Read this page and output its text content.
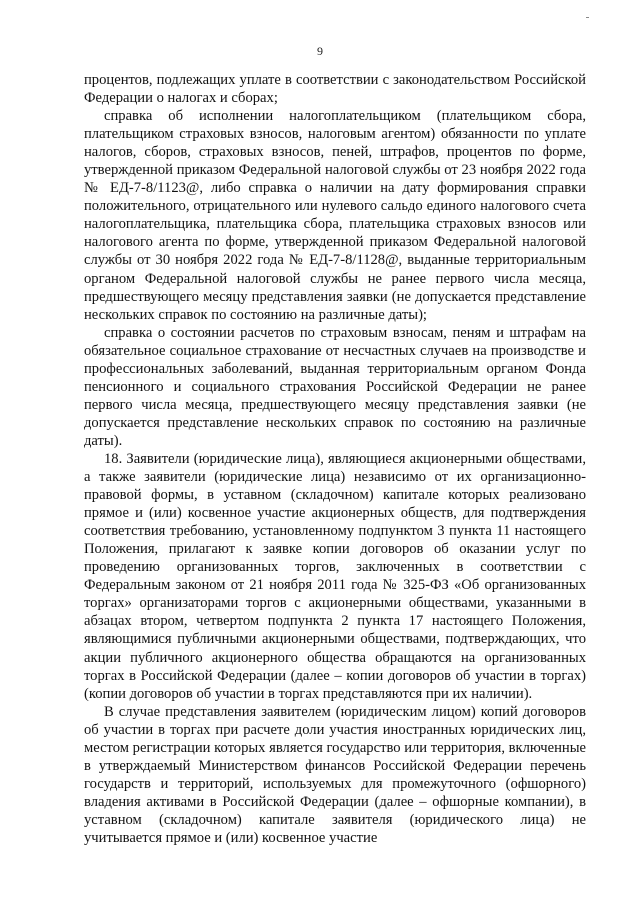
9

процентов, подлежащих уплате в соответствии с законодательством Российской Федерации о налогах и сборах;

справка об исполнении налогоплательщиком (плательщиком сбора, плательщиком страховых взносов, налоговым агентом) обязанности по уплате налогов, сборов, страховых взносов, пеней, штрафов, процентов по форме, утвержденной приказом Федеральной налоговой службы от 23 ноября 2022 года № ЕД-7-8/1123@, либо справка о наличии на дату формирования справки положительного, отрицательного или нулевого сальдо единого налогового счета налогоплательщика, плательщика сбора, плательщика страховых взносов или налогового агента по форме, утвержденной приказом Федеральной налоговой службы от 30 ноября 2022 года № ЕД-7-8/1128@, выданные территориальным органом Федеральной налоговой службы не ранее первого числа месяца, предшествующего месяцу представления заявки (не допускается представление нескольких справок по состоянию на различные даты);

справка о состоянии расчетов по страховым взносам, пеням и штрафам на обязательное социальное страхование от несчастных случаев на производстве и профессиональных заболеваний, выданная территориальным органом Фонда пенсионного и социального страхования Российской Федерации не ранее первого числа месяца, предшествующего месяцу представления заявки (не допускается представление нескольких справок по состоянию на различные даты).

18. Заявители (юридические лица), являющиеся акционерными обществами, а также заявители (юридические лица) независимо от их организационно-правовой формы, в уставном (складочном) капитале которых реализовано прямое и (или) косвенное участие акционерных обществ, для подтверждения соответствия требованию, установленному подпунктом 3 пункта 11 настоящего Положения, прилагают к заявке копии договоров об оказании услуг по проведению организованных торгов, заключенных в соответствии с Федеральным законом от 21 ноября 2011 года № 325-ФЗ «Об организованных торгах» организаторами торгов с акционерными обществами, указанными в абзацах втором, четвертом подпункта 2 пункта 17 настоящего Положения, являющимися публичными акционерными обществами, подтверждающих, что акции публичного акционерного общества обращаются на организованных торгах в Российской Федерации (далее – копии договоров об участии в торгах) (копии договоров об участии в торгах представляются при их наличии).

В случае представления заявителем (юридическим лицом) копий договоров об участии в торгах при расчете доли участия иностранных юридических лиц, местом регистрации которых является государство или территория, включенные в утверждаемый Министерством финансов Российской Федерации перечень государств и территорий, используемых для промежуточного (офшорного) владения активами в Российской Федерации (далее – офшорные компании), в уставном (складочном) капитале заявителя (юридического лица) не учитывается прямое и (или) косвенное участие
